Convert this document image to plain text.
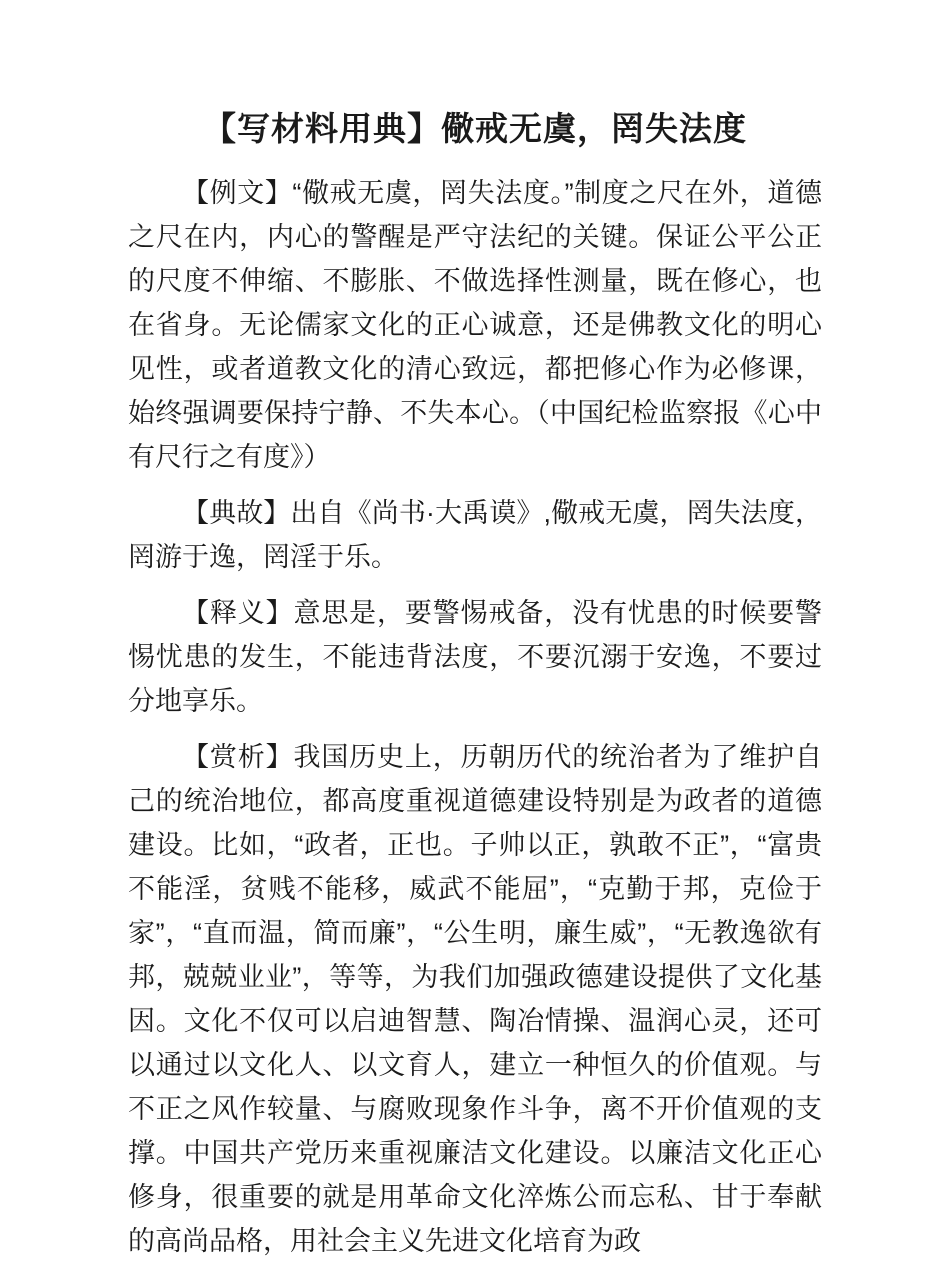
【写材料用典】儆戒无虞，罔失法度

【例文】“儆戒无虞，罔失法度。”制度之尺在外，道德之尺在内，内心的警醒是严守法纪的关键。保证公平公正的尺度不伸缩、不膨胀、不做选择性测量，既在修心，也在省身。无论儒家文化的正心诚意，还是佛教文化的明心见性，或者道教文化的清心致远，都把修心作为必修课，始终强调要保持宁静、不失本心。（中国纪检监察报《心中有尺行之有度》）

【典故】出自《尚书·大禹谟》,儆戒无虞，罔失法度，罔游于逸，罔淫于乐。

【释义】意思是，要警惕戒备，没有忧患的时候要警惕忧患的发生，不能违背法度，不要沉溺于安逸，不要过分地享乐。

【赏析】我国历史上，历朝历代的统治者为了维护自己的统治地位，都高度重视道德建设特别是为政者的道德建设。比如，“政者，正也。子帅以正，孰敢不正”，“富贵不能淫，贫贱不能移，威武不能屈”，“克勤于邦，克俭于家”，“直而温，简而廉”，“公生明，廉生威”，“无教逸欲有邦，兢兢业业”，等等，为我们加强政德建设提供了文化基因。文化不仅可以启迪智慧、陶冶情操、温润心灵，还可以通过以文化人、以文育人，建立一种恒久的价值观。与不正之风作较量、与腐败现象作斗争，离不开价值观的支撑。中国共产党历来重视廉洁文化建设。以廉洁文化正心修身，很重要的就是用革命文化淬炼公而忘私、甘于奉献的高尚品格，用社会主义先进文化培育为政
